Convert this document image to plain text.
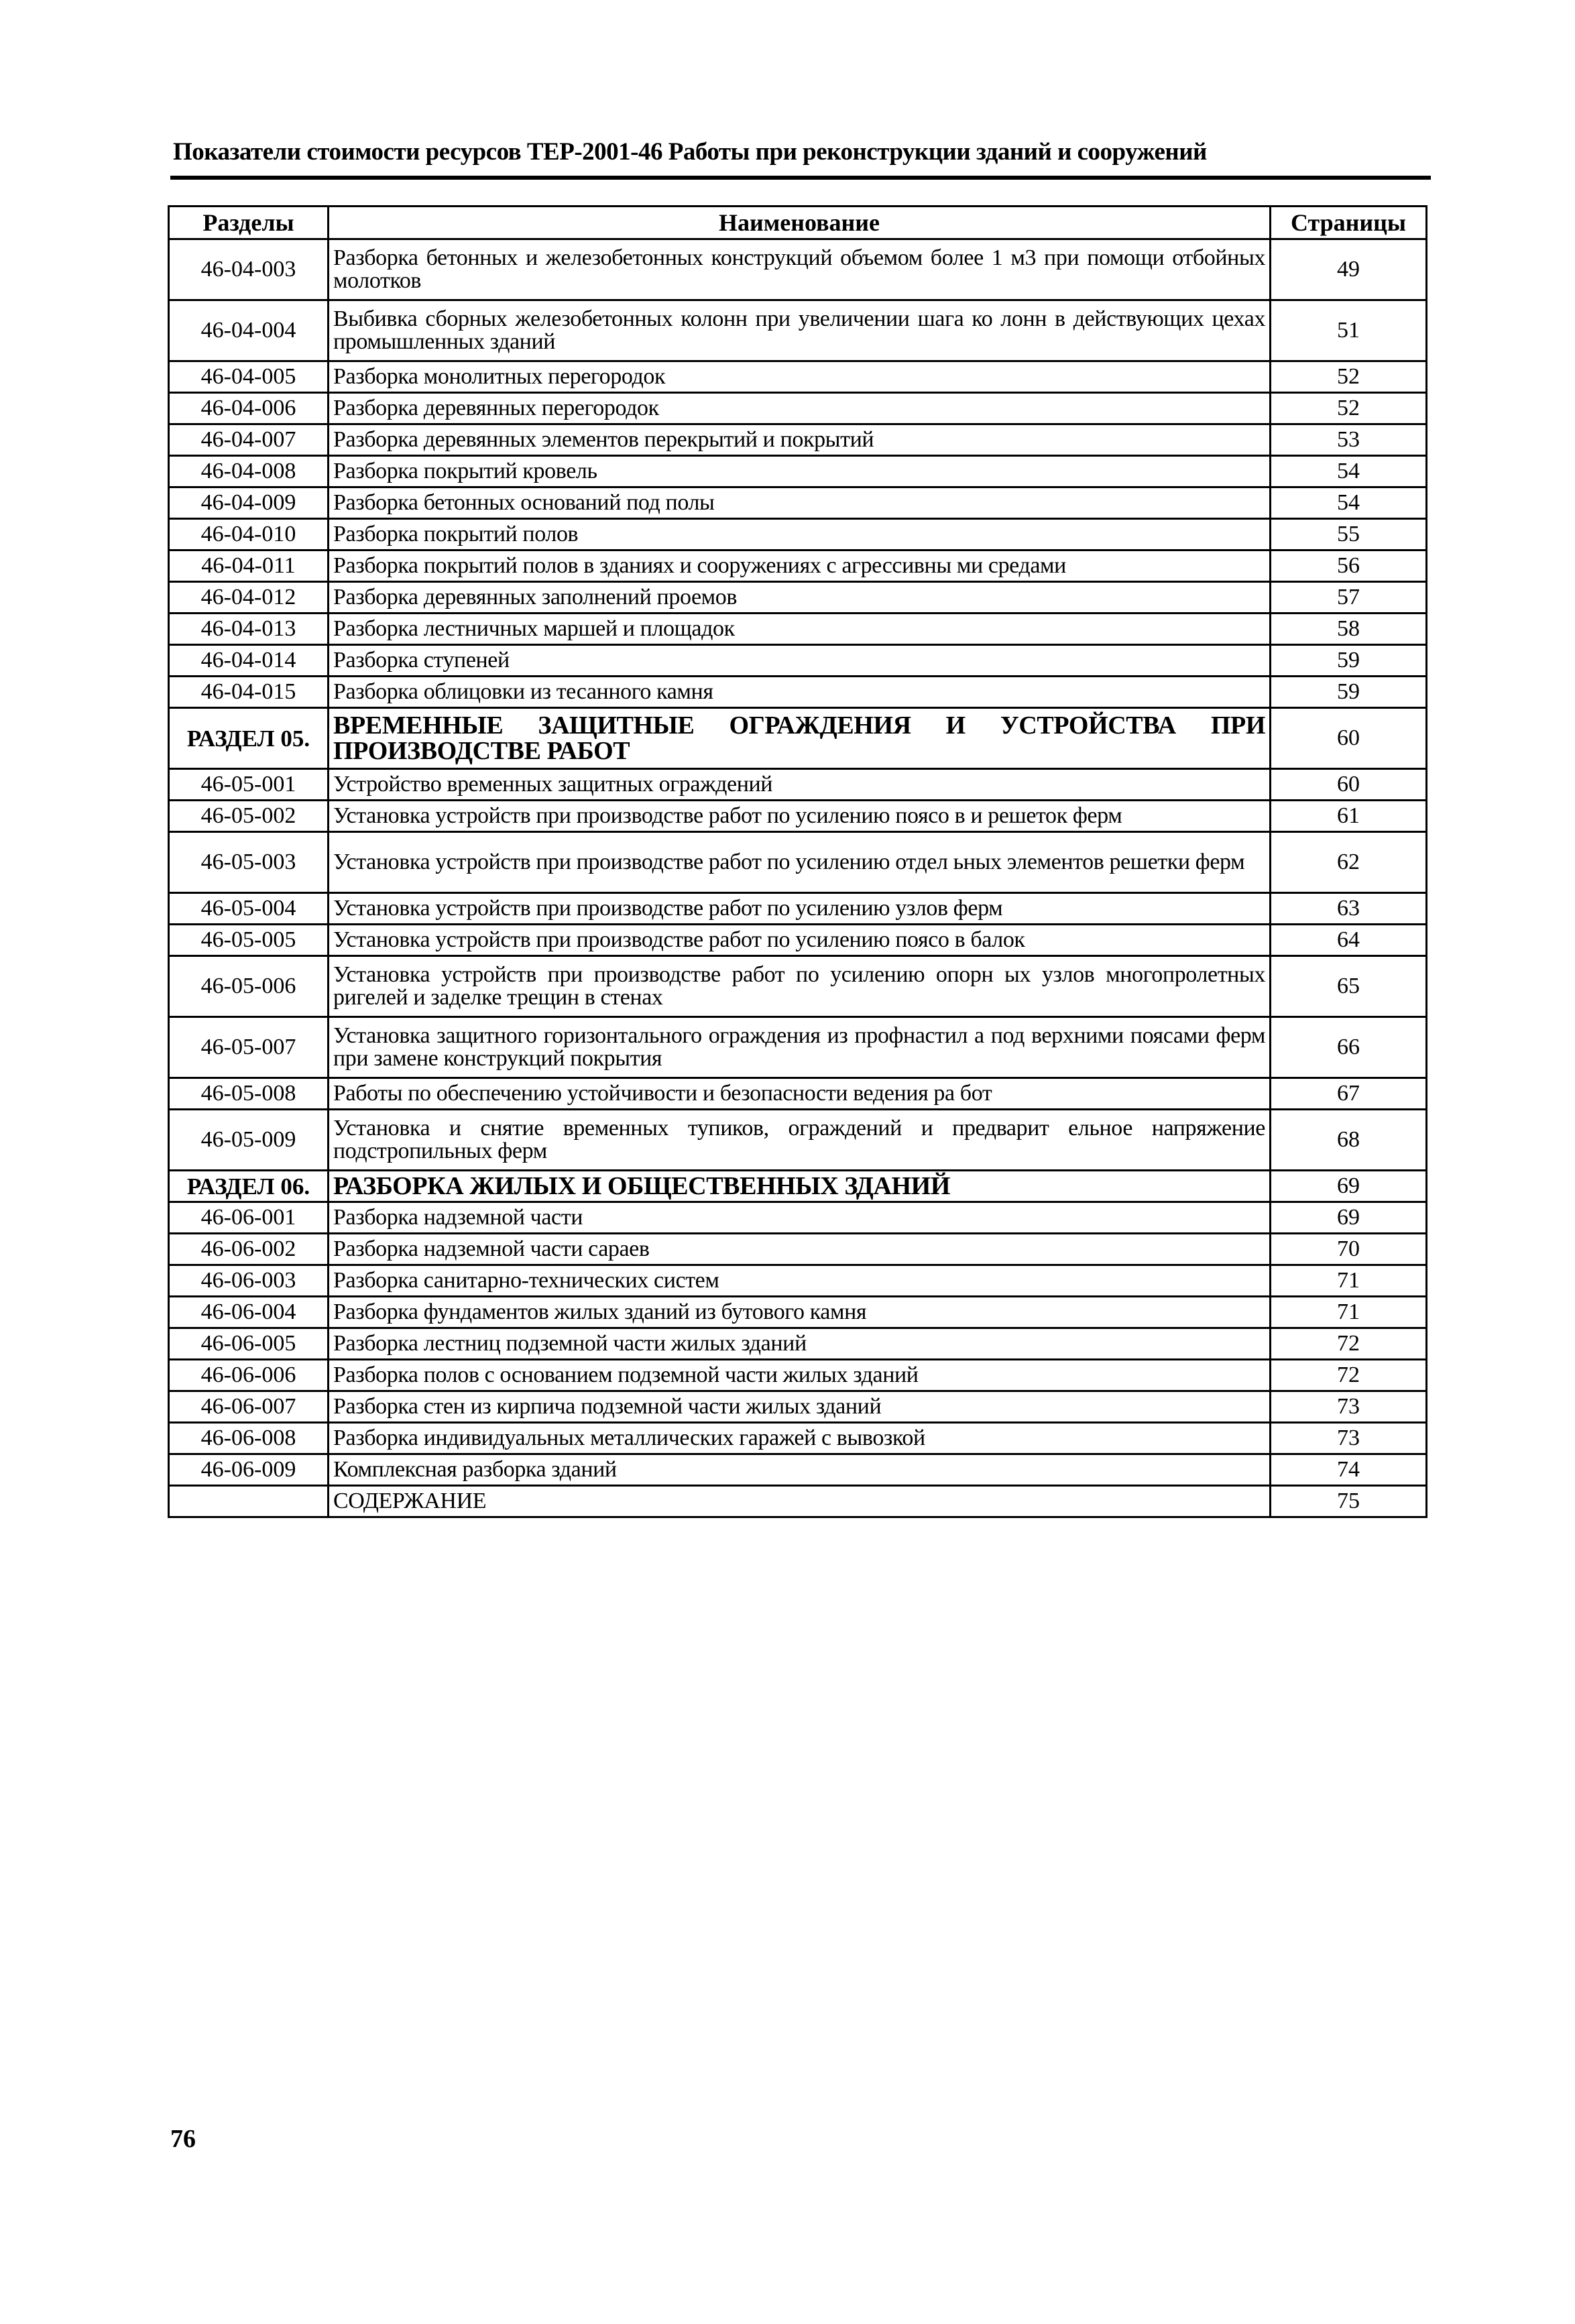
Показатели стоимости ресурсов ТЕР-2001-46 Работы при реконструкции зданий и сооружений
Разделы	Наименование	Страницы
46-04-003	Разборка бетонных и железобетонных конструкций объемом более 1 м3 при помощи отбойных молотков	49
46-04-004	Выбивка сборных железобетонных колонн при увеличении шага ко лонн в действующих цехах промышленных зданий	51
46-04-005	Разборка монолитных перегородок	52
46-04-006	Разборка деревянных перегородок	52
46-04-007	Разборка деревянных элементов перекрытий и покрытий	53
46-04-008	Разборка покрытий кровель	54
46-04-009	Разборка бетонных оснований под полы	54
46-04-010	Разборка покрытий полов	55
46-04-011	Разборка покрытий полов в зданиях и сооружениях с агрессивны ми средами	56
46-04-012	Разборка деревянных заполнений проемов	57
46-04-013	Разборка лестничных маршей и площадок	58
46-04-014	Разборка ступеней	59
46-04-015	Разборка облицовки из тесанного камня	59
РАЗДЕЛ 05.	ВРЕМЕННЫЕ ЗАЩИТНЫЕ ОГРАЖДЕНИЯ И УСТРОЙСТВА ПРИ ПРОИЗВОДСТВЕ РАБОТ	60
46-05-001	Устройство временных защитных ограждений	60
46-05-002	Установка устройств при производстве работ по усилению поясо в и решеток ферм	61
46-05-003	Установка устройств при производстве работ по усилению отдел ьных элементов решетки ферм	62
46-05-004	Установка устройств при производстве работ по усилению узлов ферм	63
46-05-005	Установка устройств при производстве работ по усилению поясо в балок	64
46-05-006	Установка устройств при производстве работ по усилению опорн ых узлов многопролетных ригелей и заделке трещин в стенах	65
46-05-007	Установка защитного горизонтального ограждения из профнастил а под верхними поясами ферм при замене конструкций покрытия	66
46-05-008	Работы по обеспечению устойчивости и безопасности ведения ра бот	67
46-05-009	Установка и снятие временных тупиков, ограждений и предварит ельное напряжение подстропильных ферм	68
РАЗДЕЛ 06.	РАЗБОРКА ЖИЛЫХ И ОБЩЕСТВЕННЫХ ЗДАНИЙ	69
46-06-001	Разборка надземной части	69
46-06-002	Разборка надземной части сараев	70
46-06-003	Разборка санитарно-технических систем	71
46-06-004	Разборка фундаментов жилых зданий из бутового камня	71
46-06-005	Разборка лестниц подземной части жилых зданий	72
46-06-006	Разборка полов с основанием подземной части жилых зданий	72
46-06-007	Разборка стен из кирпича подземной части жилых зданий	73
46-06-008	Разборка индивидуальных металлических гаражей с вывозкой	73
46-06-009	Комплексная разборка зданий	74
	СОДЕРЖАНИЕ	75
76
